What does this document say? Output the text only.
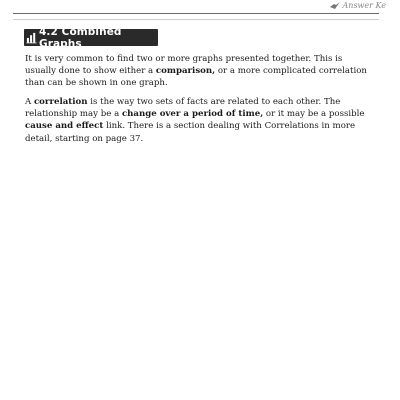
Answer Ke
4.2 Combined Graphs

It is very common to find two or more graphs presented together. This is usually done to show either a comparison, or a more complicated correlation than can be shown in one graph.

A correlation is the way two sets of facts are related to each other. The relationship may be a change over a period of time, or it may be a possible cause and effect link. There is a section dealing with Correlations in more detail, starting on page 37.
